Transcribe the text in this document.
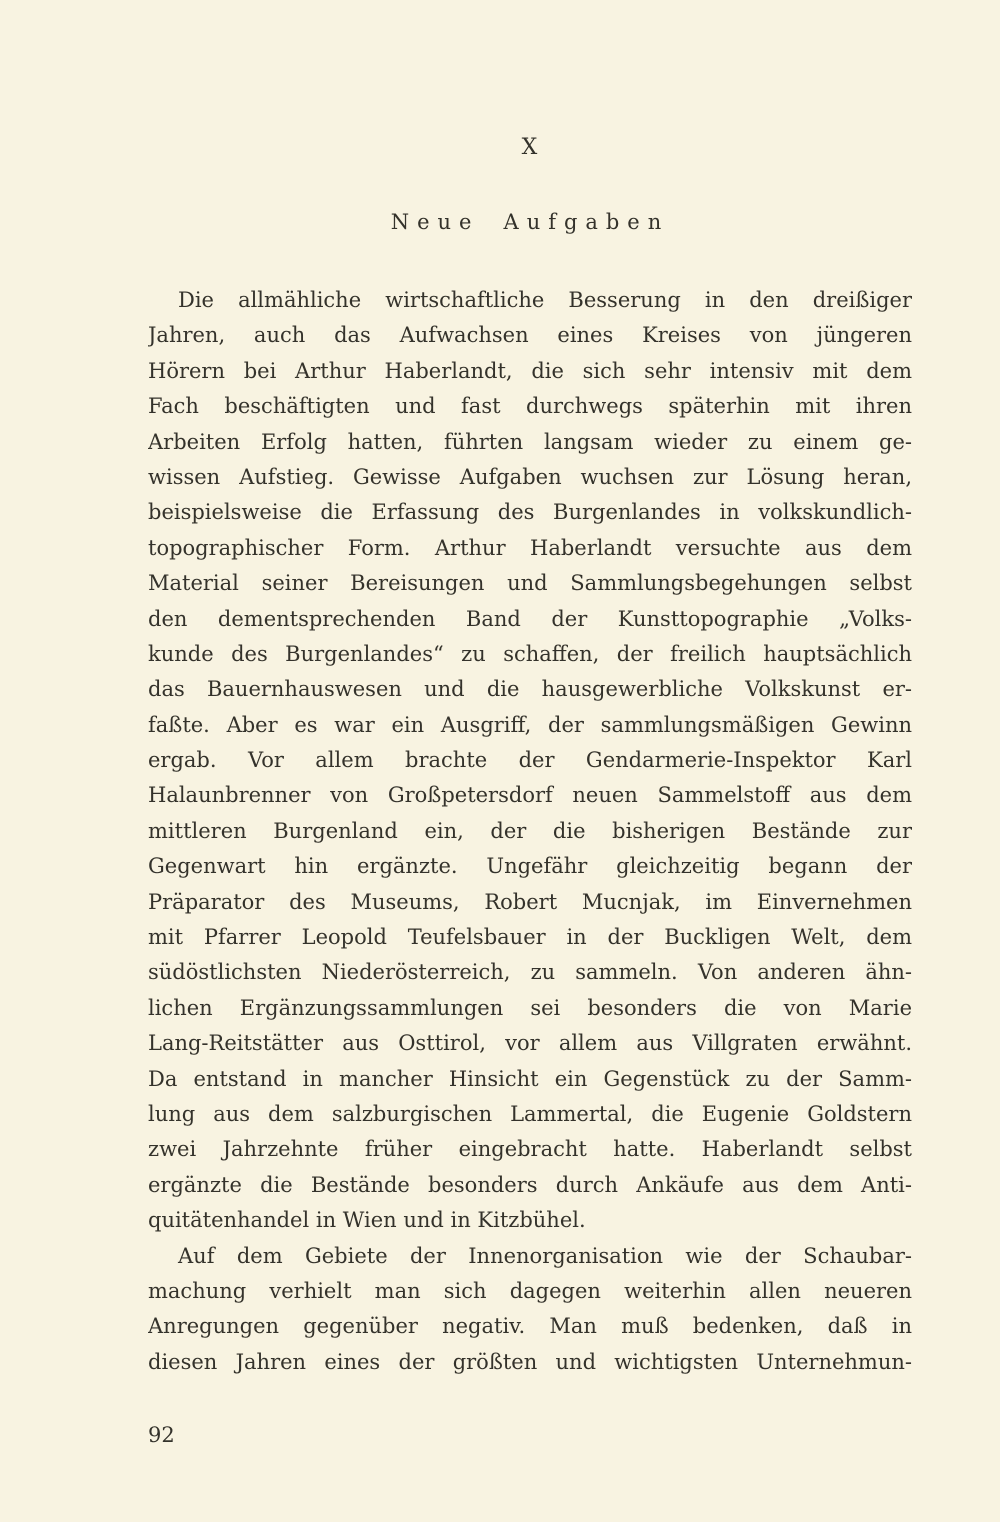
X
Neue Aufgaben
Die allmähliche wirtschaftliche Besserung in den dreißiger
Jahren, auch das Aufwachsen eines Kreises von jüngeren
Hörern bei Arthur Haberlandt, die sich sehr intensiv mit dem
Fach beschäftigten und fast durchwegs späterhin mit ihren
Arbeiten Erfolg hatten, führten langsam wieder zu einem ge-
wissen Aufstieg. Gewisse Aufgaben wuchsen zur Lösung heran,
beispielsweise die Erfassung des Burgenlandes in volkskundlich-
topographischer Form. Arthur Haberlandt versuchte aus dem
Material seiner Bereisungen und Sammlungsbegehungen selbst
den dementsprechenden Band der Kunsttopographie „Volks-
kunde des Burgenlandes“ zu schaffen, der freilich hauptsächlich
das Bauernhauswesen und die hausgewerbliche Volkskunst er-
faßte. Aber es war ein Ausgriff, der sammlungsmäßigen Gewinn
ergab. Vor allem brachte der Gendarmerie-Inspektor Karl
Halaunbrenner von Großpetersdorf neuen Sammelstoff aus dem
mittleren Burgenland ein, der die bisherigen Bestände zur
Gegenwart hin ergänzte. Ungefähr gleichzeitig begann der
Präparator des Museums, Robert Mucnjak, im Einvernehmen
mit Pfarrer Leopold Teufelsbauer in der Buckligen Welt, dem
südöstlichsten Niederösterreich, zu sammeln. Von anderen ähn-
lichen Ergänzungssammlungen sei besonders die von Marie
Lang-Reitstätter aus Osttirol, vor allem aus Villgraten erwähnt.
Da entstand in mancher Hinsicht ein Gegenstück zu der Samm-
lung aus dem salzburgischen Lammertal, die Eugenie Goldstern
zwei Jahrzehnte früher eingebracht hatte. Haberlandt selbst
ergänzte die Bestände besonders durch Ankäufe aus dem Anti-
quitätenhandel in Wien und in Kitzbühel.
Auf dem Gebiete der Innenorganisation wie der Schaubar-
machung verhielt man sich dagegen weiterhin allen neueren
Anregungen gegenüber negativ. Man muß bedenken, daß in
diesen Jahren eines der größten und wichtigsten Unternehmun-
92
